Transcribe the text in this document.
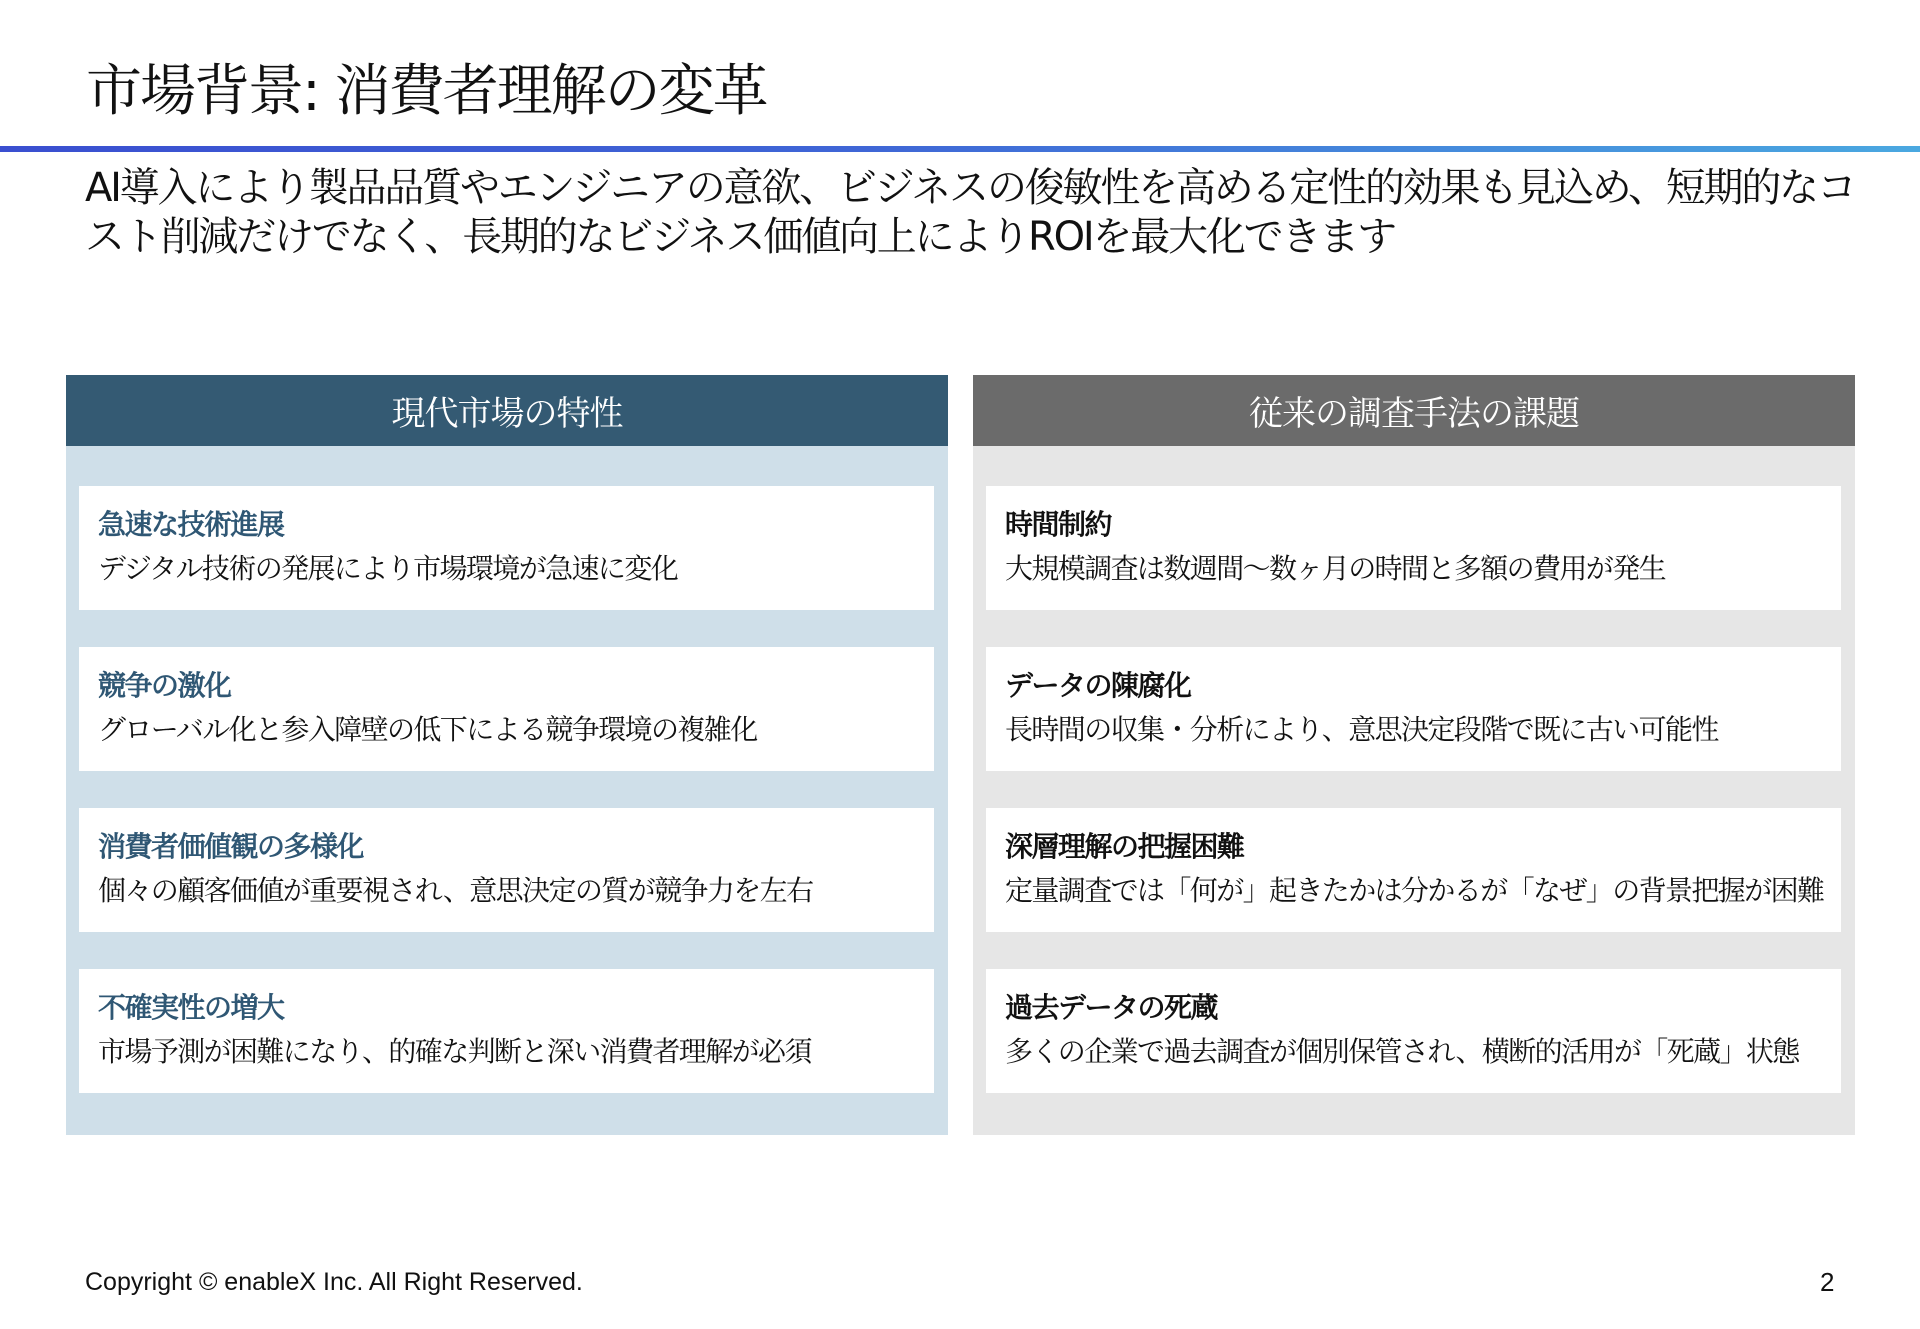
市場背景: 消費者理解の変革

AI導入により製品品質やエンジニアの意欲、ビジネスの俊敏性を高める定性的効果も見込め、短期的なコスト削減だけでなく、長期的なビジネス価値向上によりROIを最大化できます

現代市場の特性
急速な技術進展
デジタル技術の発展により市場環境が急速に変化
競争の激化
グローバル化と参入障壁の低下による競争環境の複雑化
消費者価値観の多様化
個々の顧客価値が重要視され、意思決定の質が競争力を左右
不確実性の増大
市場予測が困難になり、的確な判断と深い消費者理解が必須
従来の調査手法の課題
時間制約
大規模調査は数週間～数ヶ月の時間と多額の費用が発生
データの陳腐化
長時間の収集・分析により、意思決定段階で既に古い可能性
深層理解の把握困難
定量調査では「何が」起きたかは分かるが「なぜ」の背景把握が困難
過去データの死蔵
多くの企業で過去調査が個別保管され、横断的活用が「死蔵」状態
Copyright © enableX Inc. All Right Reserved.	2
